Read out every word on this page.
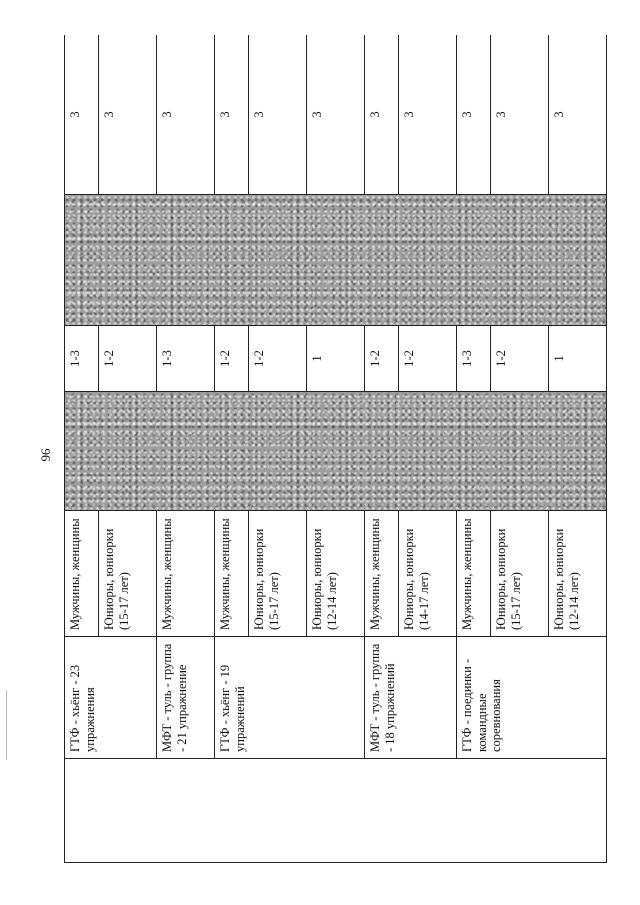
96

	ГТФ - хьёнг - 23 упражнения	Мужчины, женщины		1-3		3
		Юниоры, юниорки (15-17 лет)		1-2		3

	МФТ - туль - группа - 21 упражнение	Мужчины, женщины		1-3		3

	ГТФ - хьёнг - 19 упражнений	Мужчины, женщины		1-2		3
		Юниоры, юниорки (15-17 лет)		1-2		3
		Юниоры, юниорки (12-14 лет)		1		3

	МФТ - туль - группа - 18 упражнений	Мужчины, женщины		1-2		3
		Юниоры, юниорки (14-17 лет)		1-2		3

	ГТФ - поединки - командные соревнования	Мужчины, женщины		1-3		3
		Юниоры, юниорки (15-17 лет)		1-2		3
		Юниоры, юниорки (12-14 лет)		1		3
